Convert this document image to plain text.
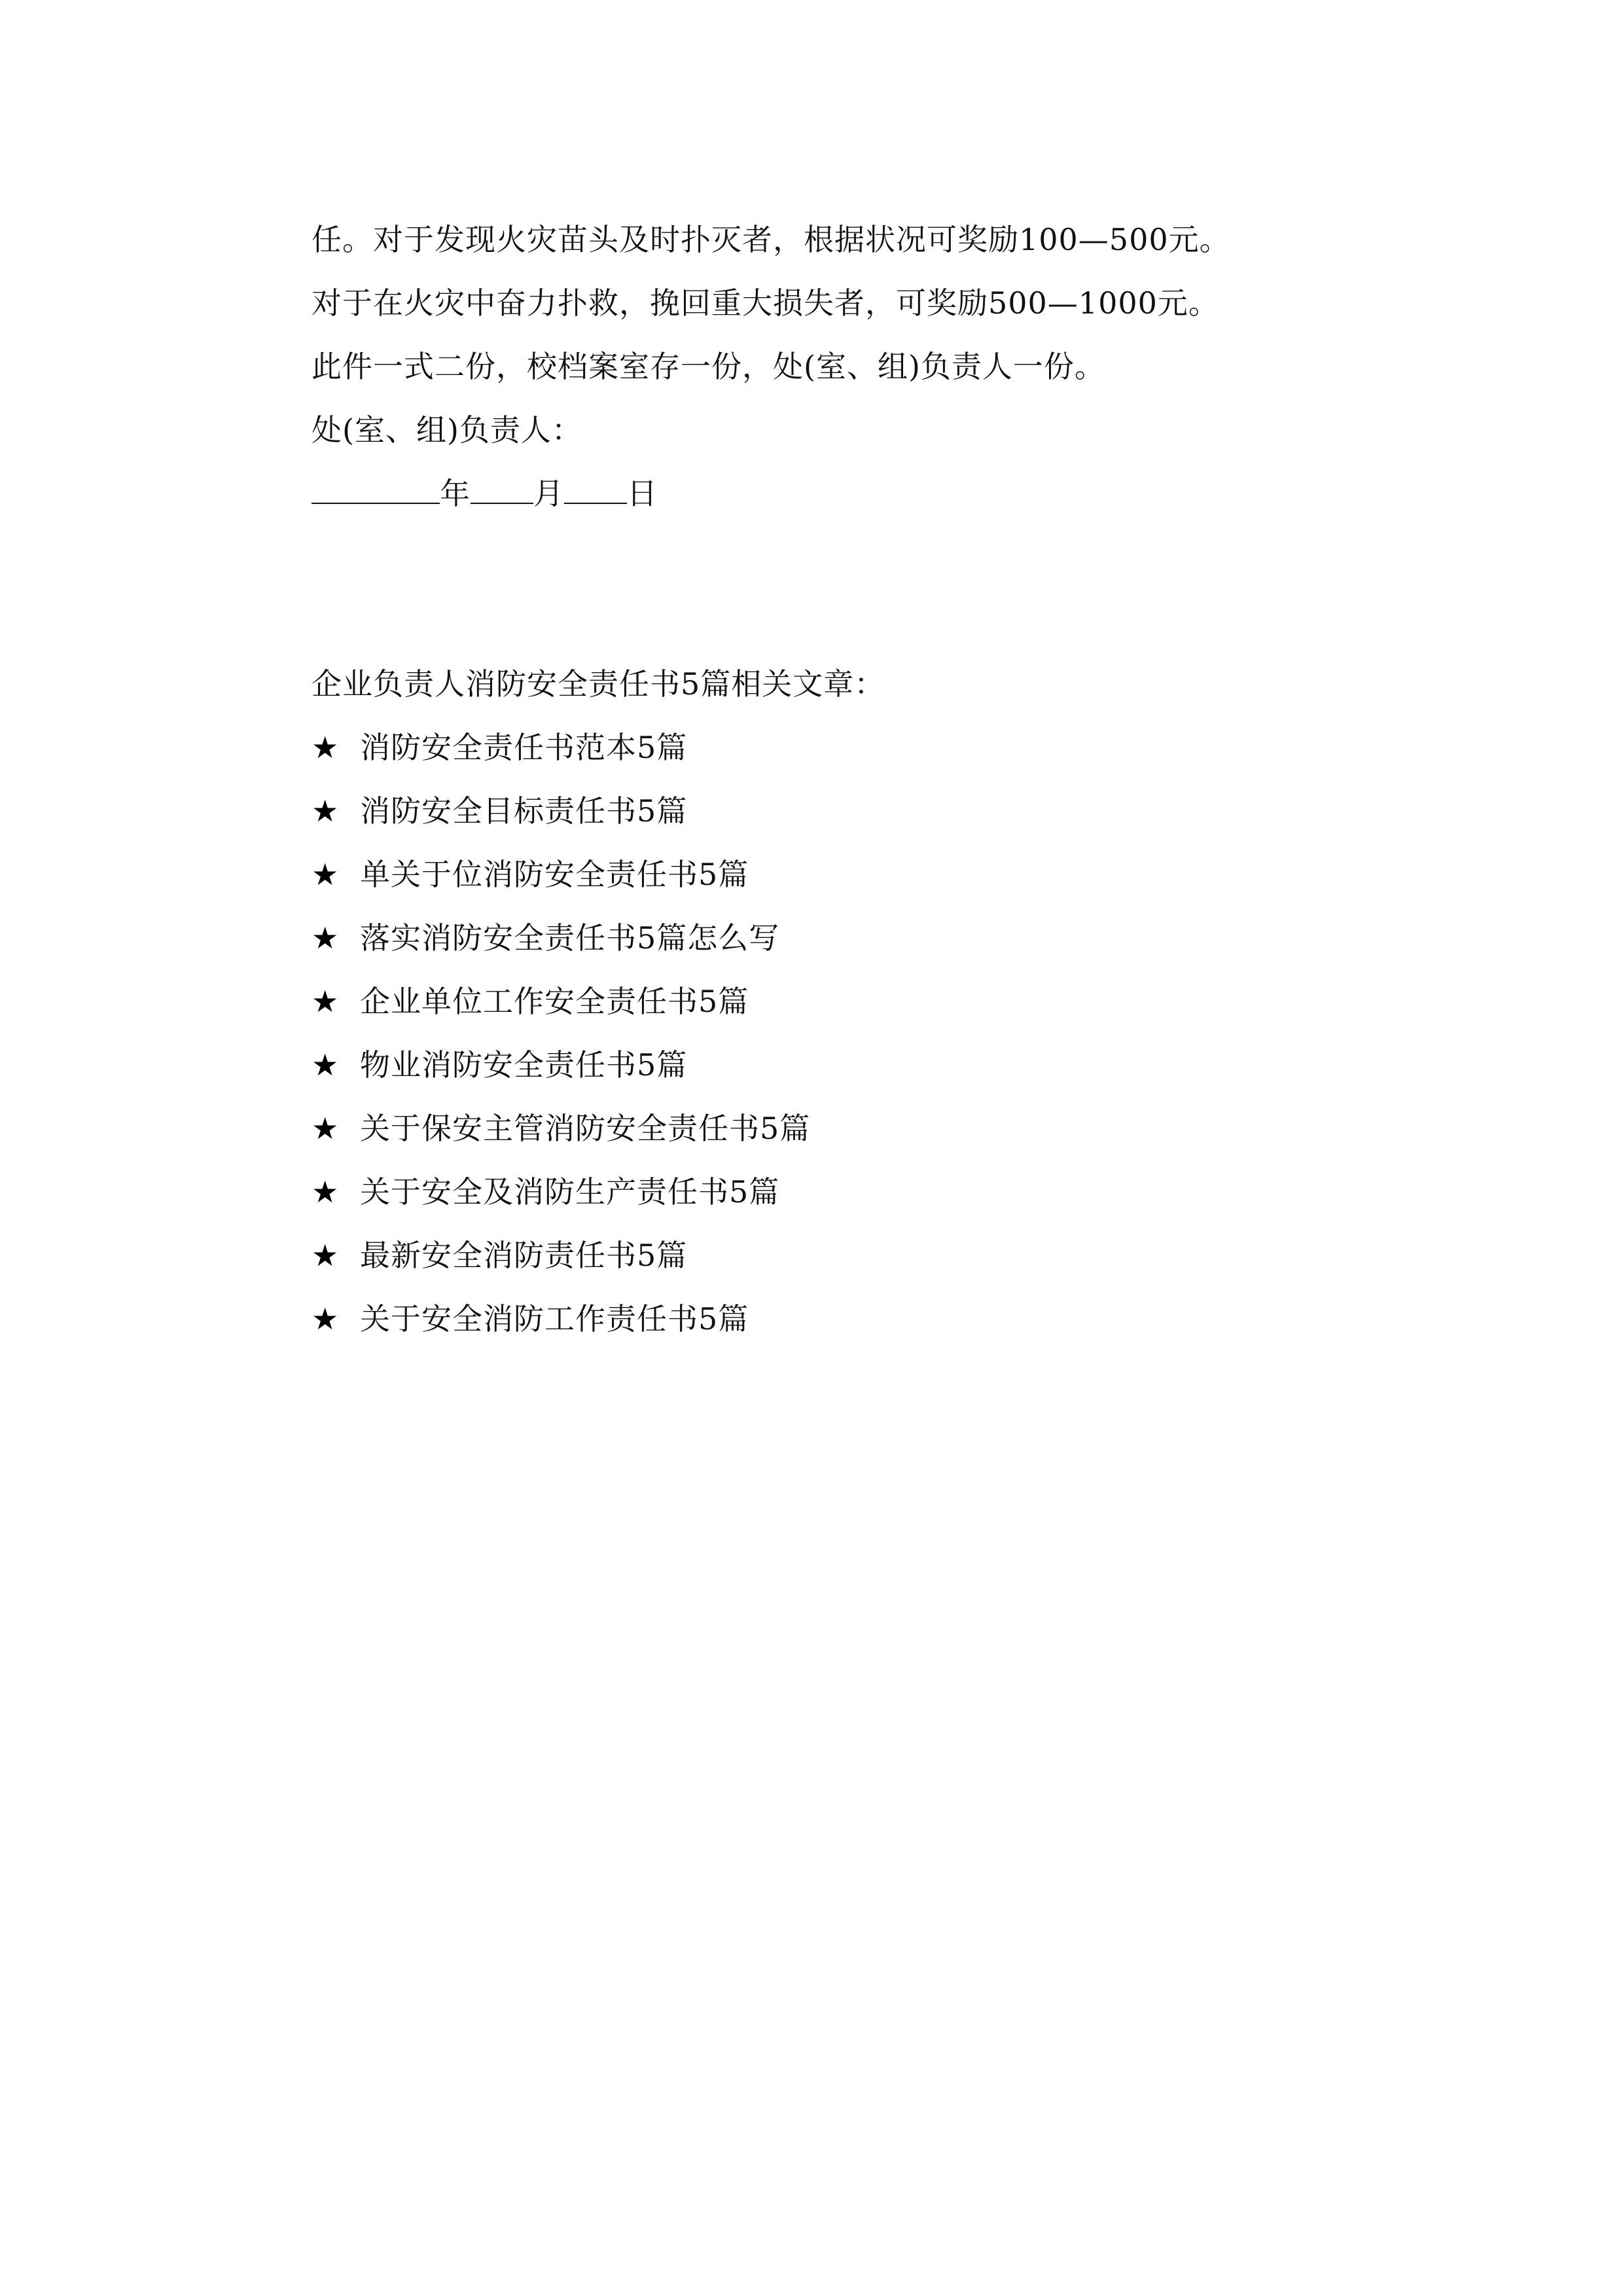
任。对于发现火灾苗头及时扑灭者，根据状况可奖励100—500元。
对于在火灾中奋力扑救，挽回重大损失者，可奖励500—1000元。
此件一式二份，校档案室存一份，处(室、组)负责人一份。
处(室、组)负责人：
年 月 日
企业负责人消防安全责任书5篇相关文章：
★ 消防安全责任书范本5篇
★ 消防安全目标责任书5篇
★ 单关于位消防安全责任书5篇
★ 落实消防安全责任书5篇怎么写
★ 企业单位工作安全责任书5篇
★ 物业消防安全责任书5篇
★ 关于保安主管消防安全责任书5篇
★ 关于安全及消防生产责任书5篇
★ 最新安全消防责任书5篇
★ 关于安全消防工作责任书5篇
